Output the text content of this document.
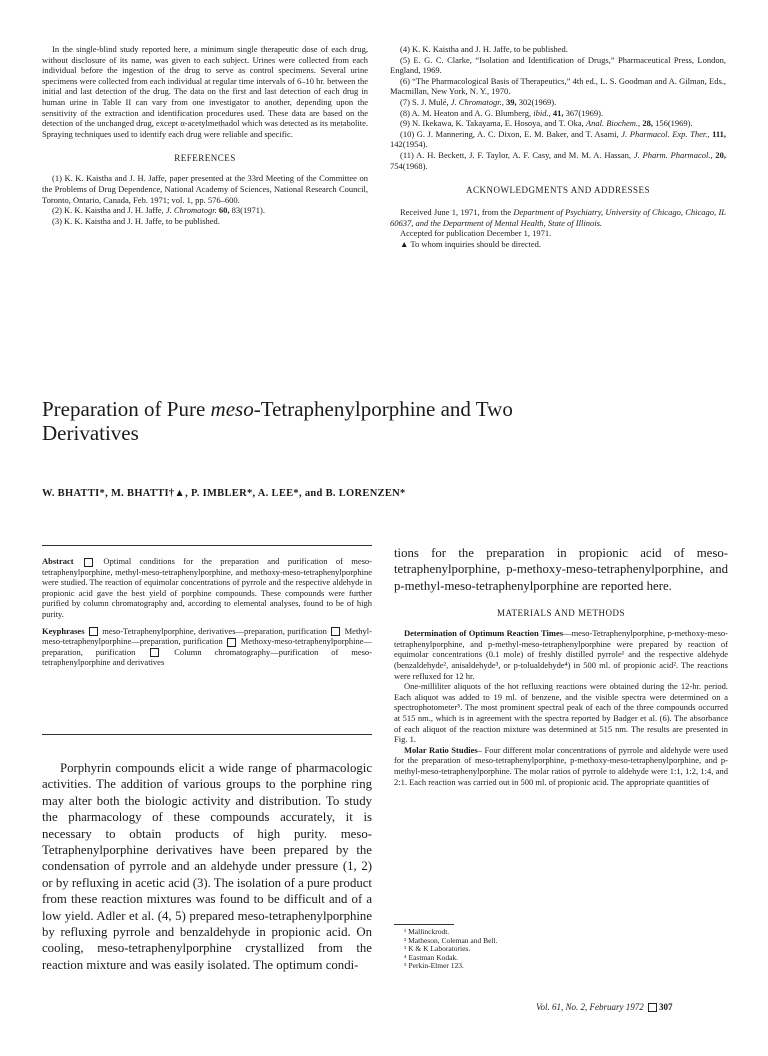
In the single-blind study reported here, a minimum single therapeutic dose of each drug, without disclosure of its name, was given to each subject. Urines were collected from each individual before the ingestion of the drug to serve as control specimens. Several urine specimens were collected from each individual at regular time intervals of 6–10 hr. between the initial and last detection of the drug. The data on the first and last detection of each drug in human urine in Table II can vary from one investigator to another, depending upon the sensitivity of the extraction and identification procedures used. These data are based on the detection of the unchanged drug, except α-acetylmethadol which was detected as its metabolite. Spraying techniques used to identify each drug were reliable and specific.

REFERENCES

(1) K. K. Kaistha and J. H. Jaffe, paper presented at the 33rd Meeting of the Committee on the Problems of Drug Dependence, National Academy of Sciences, National Research Council, Toronto, Ontario, Canada, Feb. 1971; vol. 1, pp. 576–600.

(2) K. K. Kaistha and J. H. Jaffe, J. Chromatogr. 60, 83(1971).

(3) K. K. Kaistha and J. H. Jaffe, to be published.

(4) K. K. Kaistha and J. H. Jaffe, to be published.

(5) E. G. C. Clarke, “Isolation and Identification of Drugs,” Pharmaceutical Press, London, England, 1969.

(6) “The Pharmacological Basis of Therapeutics,” 4th ed., L. S. Goodman and A. Gilman, Eds., Macmillan, New York, N. Y., 1970.

(7) S. J. Mulé, J. Chromatogr., 39, 302(1969).

(8) A. M. Heaton and A. G. Blumberg, ibid., 41, 367(1969).

(9) N. Ikekawa, K. Takayama, E. Hosoya, and T. Oka, Anal. Biochem., 28, 156(1969).

(10) G. J. Mannering, A. C. Dixon, E. M. Baker, and T. Asami, J. Pharmacol. Exp. Ther., 111, 142(1954).

(11) A. H. Beckett, J. F. Taylor, A. F. Casy, and M. M. A. Hassan, J. Pharm. Pharmacol., 20, 754(1968).

ACKNOWLEDGMENTS AND ADDRESSES

Received June 1, 1971, from the Department of Psychiatry, University of Chicago, Chicago, IL 60637, and the Department of Mental Health, State of Illinois.

Accepted for publication December 1, 1971.

▲ To whom inquiries should be directed.

Preparation of Pure meso-Tetraphenylporphine and Two Derivatives
W. BHATTI*, M. BHATTI†▲, P. IMBLER*, A. LEE*, and B. LORENZEN*

Abstract	Optimal conditions for the preparation and purification of meso-tetraphenylporphine, methyl-meso-tetraphenylporphine, and methoxy-meso-tetraphenylporphine were studied. The reaction of equimolar concentrations of pyrrole and the respective aldehyde in propionic acid gave the best yield of porphine compounds. These compounds were further purified by column chromatography and, according to elemental analyses, found to be of high purity.

Keyphrases meso-Tetraphenylporphine, derivatives—preparation, purification Methyl-meso-tetraphenylporphine—preparation, purification Methoxy-meso-tetraphenylporphine—preparation, purification	Column chromatography—purification of meso-tetraphenylporphine and derivatives

Porphyrin compounds elicit a wide range of pharmacologic activities. The addition of various groups to the porphine ring may alter both the biologic activity and distribution. To study the pharmacology of these compounds accurately, it is necessary to obtain products of high purity. meso-Tetraphenylporphine derivatives have been prepared by the condensation of pyrrole and an aldehyde under pressure (1, 2) or by refluxing in acetic acid (3). The isolation of a pure product from these reaction mixtures was found to be difficult and of a low yield. Adler et al. (4, 5) prepared meso-tetraphenylporphine by refluxing pyrrole and benzaldehyde in propionic acid. On cooling, meso-tetraphenylporphine crystallized from the reaction mixture and was easily isolated. The optimum condi-

tions for the preparation in propionic acid of meso-tetraphenylporphine, p-methoxy-meso-tetraphenylporphine, and p-methyl-meso-tetraphenylporphine are reported here.

MATERIALS AND METHODS

Determination of Optimum Reaction Times—meso-Tetraphenylporphine, p-methoxy-meso-tetraphenylporphine, and p-methyl-meso-tetraphenylporphine were prepared by reaction of equimolar concentrations (0.1 mole) of freshly distilled pyrrole¹ and the respective aldehyde (benzaldehyde², anisaldehyde³, or p-tolualdehyde⁴) in 500 ml. of propionic acid². The reactions were refluxed for 12 hr.

One-milliliter aliquots of the hot refluxing reactions were obtained during the 12-hr. period. Each aliquot was added to 19 ml. of benzene, and the visible spectra were determined on a spectrophotometer⁵. The most prominent spectral peak of each of the three compounds occurred at 515 nm., which is in agreement with the spectra reported by Badger et al. (6). The absorbance of each aliquot of the reaction mixture was determined at 515 nm. The results are presented in Fig. 1.

Molar Ratio Studies– Four different molar concentrations of pyrrole and aldehyde were used for the preparation of meso-tetraphenylporphine, p-methoxy-meso-tetraphenylporphine, and p-methyl-meso-tetraphenylporphine. The molar ratios of pyrrole to aldehyde were 1:1, 1:2, 1:4, and 2:1. Each reaction was carried out in 500 ml. of propionic acid. The appropriate quantities of

¹ Mallinckrodt.

² Matheson, Coleman and Bell.

³ K & K Laboratories.

⁴ Eastman Kodak.

⁵ Perkin-Elmer 123.

Vol. 61, No. 2, February 1972 307
